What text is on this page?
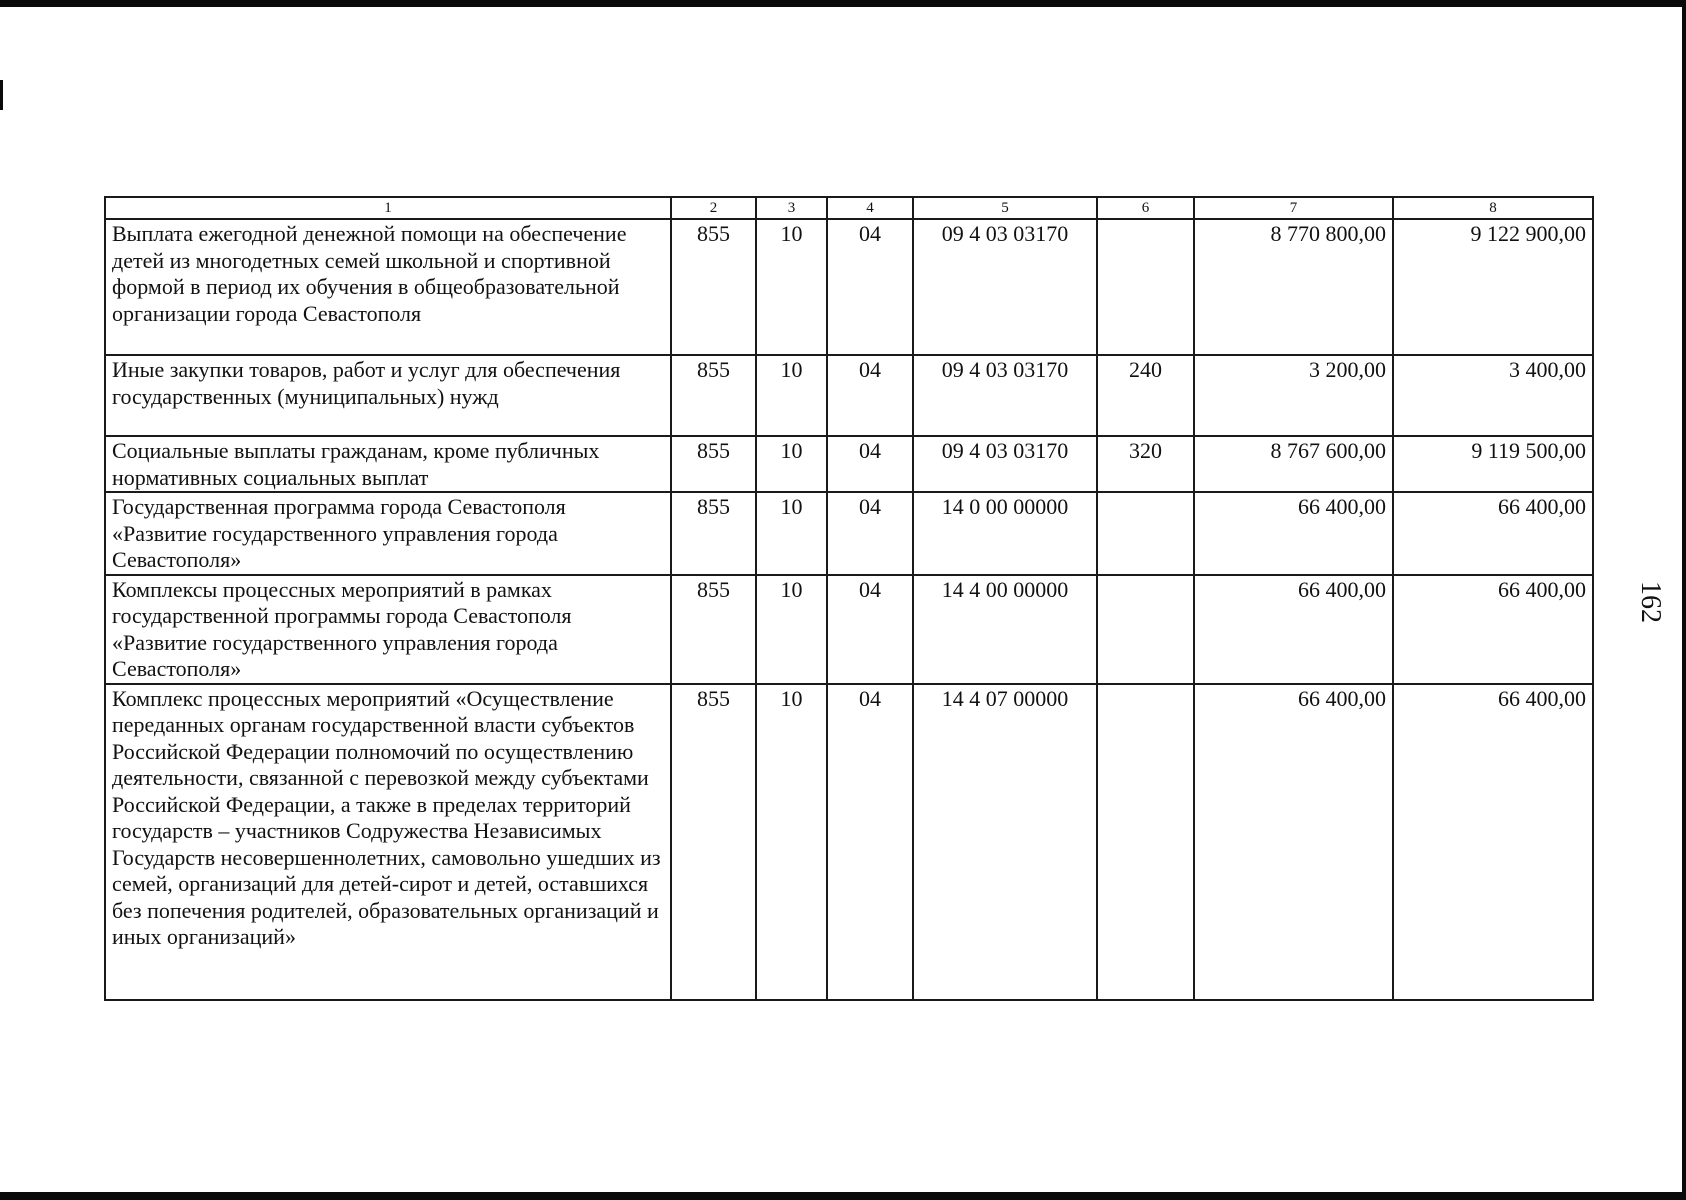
1	2	3	4	5	6	7	8
Выплата ежегодной денежной помощи на обеспечение детей из многодетных семей школьной и спортивной формой в период их обучения в общеобразовательной организации города Севастополя	855	10	04	09 4 03 03170		8 770 800,00	9 122 900,00
Иные закупки товаров, работ и услуг для обеспечения государственных (муниципальных) нужд	855	10	04	09 4 03 03170	240	3 200,00	3 400,00
Социальные выплаты гражданам, кроме публичных нормативных социальных выплат	855	10	04	09 4 03 03170	320	8 767 600,00	9 119 500,00
Государственная программа города Севастополя «Развитие государственного управления города Севастополя»	855	10	04	14 0 00 00000		66 400,00	66 400,00
Комплексы процессных мероприятий в рамках государственной программы города Севастополя «Развитие государственного управления города Севастополя»	855	10	04	14 4 00 00000		66 400,00	66 400,00
Комплекс процессных мероприятий «Осуществление переданных органам государственной власти субъектов Российской Федерации полномочий по осуществлению деятельности, связанной с перевозкой между субъектами Российской Федерации, а также в пределах территорий государств – участников Содружества Независимых Государств несовершеннолетних, самовольно ушедших из семей, организаций для детей-сирот и детей, оставшихся без попечения родителей, образовательных организаций и иных организаций»	855	10	04	14 4 07 00000		66 400,00	66 400,00
162
